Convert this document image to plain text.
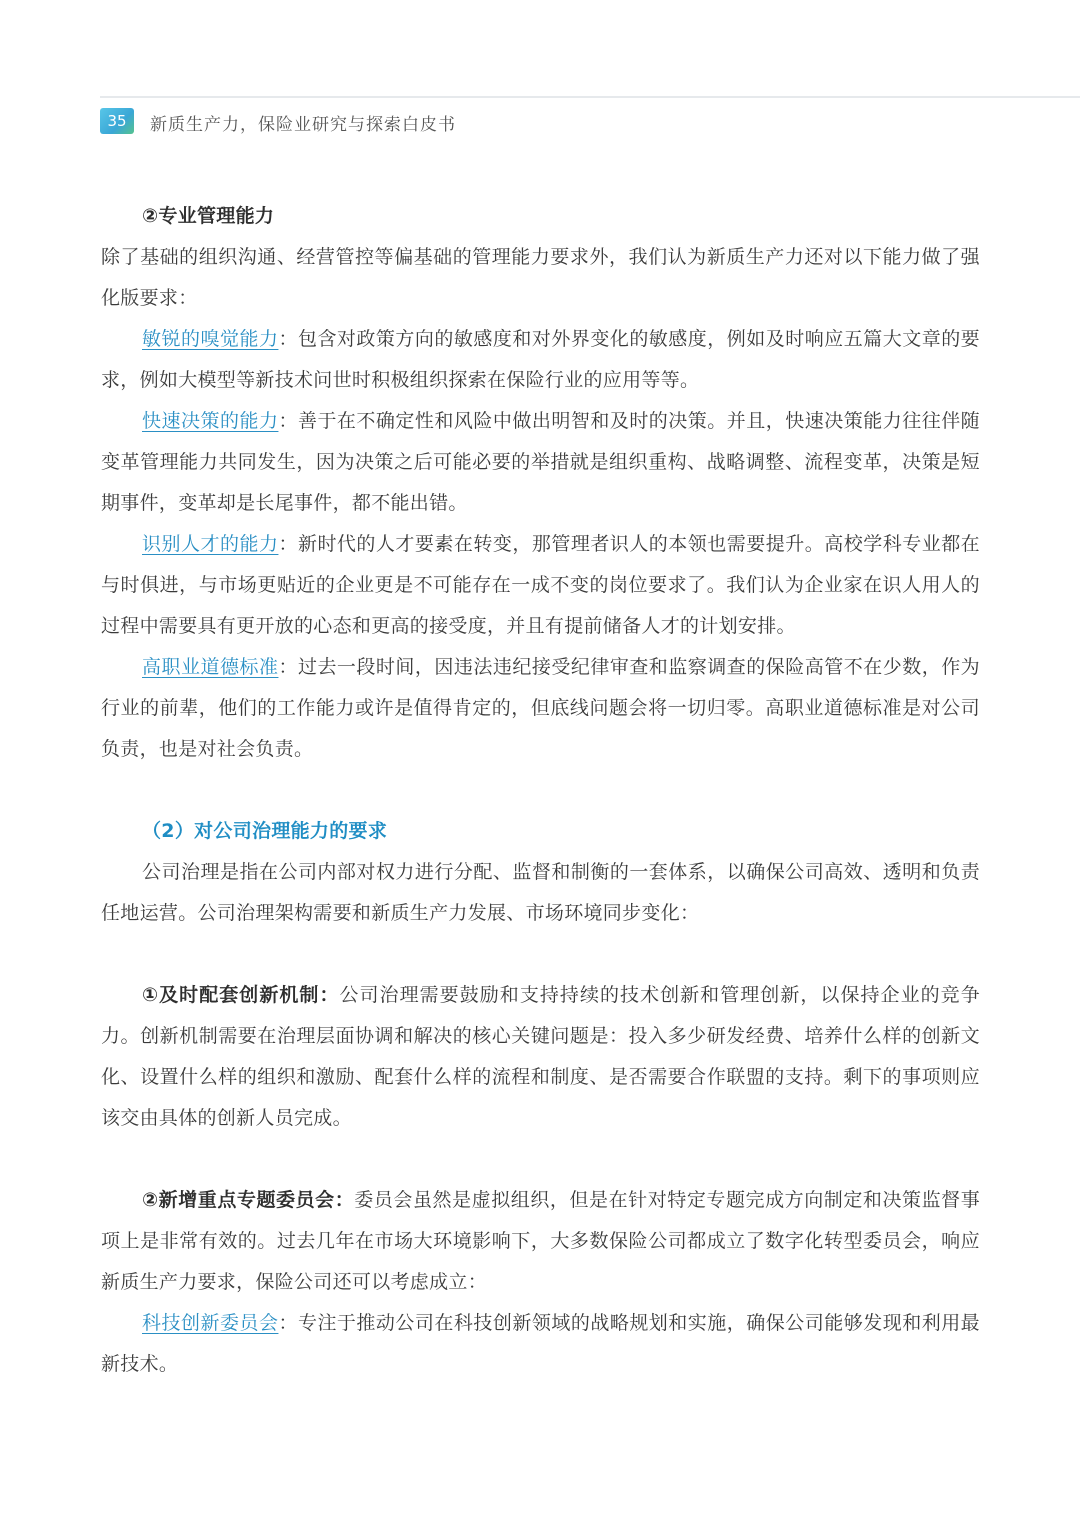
35	新质生产力，保险业研究与探索白皮书

②专业管理能力

除了基础的组织沟通、经营管控等偏基础的管理能力要求外，我们认为新质生产力还对以下能力做了强化版要求：

敏锐的嗅觉能力：包含对政策方向的敏感度和对外界变化的敏感度，例如及时响应五篇大文章的要求，例如大模型等新技术问世时积极组织探索在保险行业的应用等等。

快速决策的能力：善于在不确定性和风险中做出明智和及时的决策。并且，快速决策能力往往伴随变革管理能力共同发生，因为决策之后可能必要的举措就是组织重构、战略调整、流程变革，决策是短期事件，变革却是长尾事件，都不能出错。

识别人才的能力：新时代的人才要素在转变，那管理者识人的本领也需要提升。高校学科专业都在与时俱进，与市场更贴近的企业更是不可能存在一成不变的岗位要求了。我们认为企业家在识人用人的过程中需要具有更开放的心态和更高的接受度，并且有提前储备人才的计划安排。

高职业道德标准：过去一段时间，因违法违纪接受纪律审查和监察调查的保险高管不在少数，作为行业的前辈，他们的工作能力或许是值得肯定的，但底线问题会将一切归零。高职业道德标准是对公司负责，也是对社会负责。

（2）对公司治理能力的要求

公司治理是指在公司内部对权力进行分配、监督和制衡的一套体系，以确保公司高效、透明和负责任地运营。公司治理架构需要和新质生产力发展、市场环境同步变化：

①及时配套创新机制：公司治理需要鼓励和支持持续的技术创新和管理创新，以保持企业的竞争力。创新机制需要在治理层面协调和解决的核心关键问题是：投入多少研发经费、培养什么样的创新文化、设置什么样的组织和激励、配套什么样的流程和制度、是否需要合作联盟的支持。剩下的事项则应该交由具体的创新人员完成。

②新增重点专题委员会：委员会虽然是虚拟组织，但是在针对特定专题完成方向制定和决策监督事项上是非常有效的。过去几年在市场大环境影响下，大多数保险公司都成立了数字化转型委员会，响应新质生产力要求，保险公司还可以考虑成立：

科技创新委员会：专注于推动公司在科技创新领域的战略规划和实施，确保公司能够发现和利用最新技术。
